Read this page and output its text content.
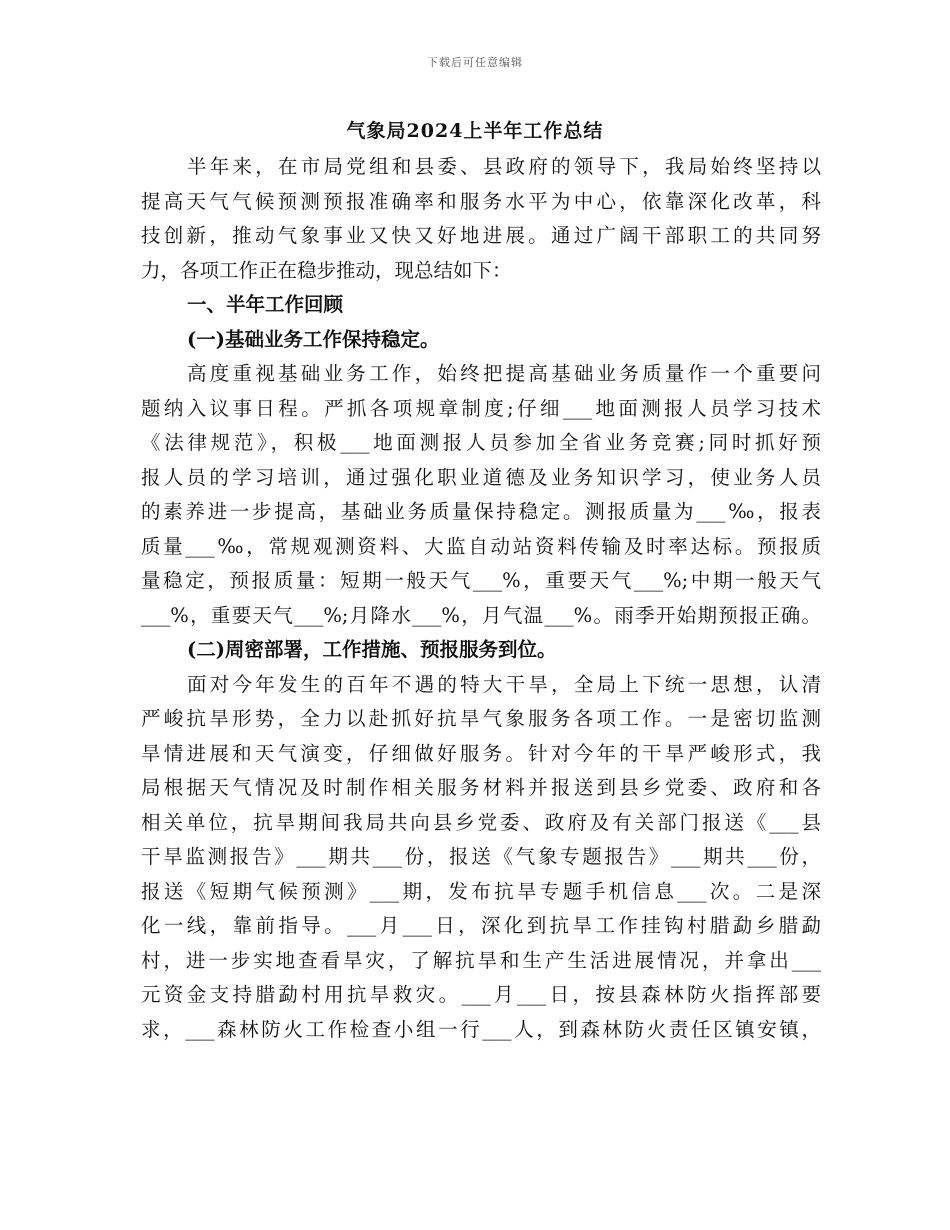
下载后可任意编辑
气象局2024上半年工作总结
半年来，在市局党组和县委、县政府的领导下，我局始终坚持以
提高天气气候预测预报准确率和服务水平为中心，依靠深化改革，科
技创新，推动气象事业又快又好地进展。通过广阔干部职工的共同努
力，各项工作正在稳步推动，现总结如下：
一、半年工作回顾
(一)基础业务工作保持稳定。
高度重视基础业务工作，始终把提高基础业务质量作一个重要问
题纳入议事日程。严抓各项规章制度;仔细___地面测报人员学习技术
《法律规范》，积极___地面测报人员参加全省业务竞赛;同时抓好预
报人员的学习培训，通过强化职业道德及业务知识学习，使业务人员
的素养进一步提高，基础业务质量保持稳定。测报质量为___‰，报表
质量___‰，常规观测资料、大监自动站资料传输及时率达标。预报质
量稳定，预报质量：短期一般天气___%，重要天气___%;中期一般天气
___%，重要天气___%;月降水___%，月气温___%。雨季开始期预报正确。
(二)周密部署，工作措施、预报服务到位。
面对今年发生的百年不遇的特大干旱，全局上下统一思想，认清
严峻抗旱形势，全力以赴抓好抗旱气象服务各项工作。一是密切监测
旱情进展和天气演变，仔细做好服务。针对今年的干旱严峻形式，我
局根据天气情况及时制作相关服务材料并报送到县乡党委、政府和各
相关单位，抗旱期间我局共向县乡党委、政府及有关部门报送《___县
干旱监测报告》___期共___份，报送《气象专题报告》___期共___份，
报送《短期气候预测》___期，发布抗旱专题手机信息___次。二是深
化一线，靠前指导。___月___日，深化到抗旱工作挂钩村腊勐乡腊勐
村，进一步实地查看旱灾，了解抗旱和生产生活进展情况，并拿出___
元资金支持腊勐村用抗旱救灾。___月___日，按县森林防火指挥部要
求，___森林防火工作检查小组一行___人，到森林防火责任区镇安镇，
